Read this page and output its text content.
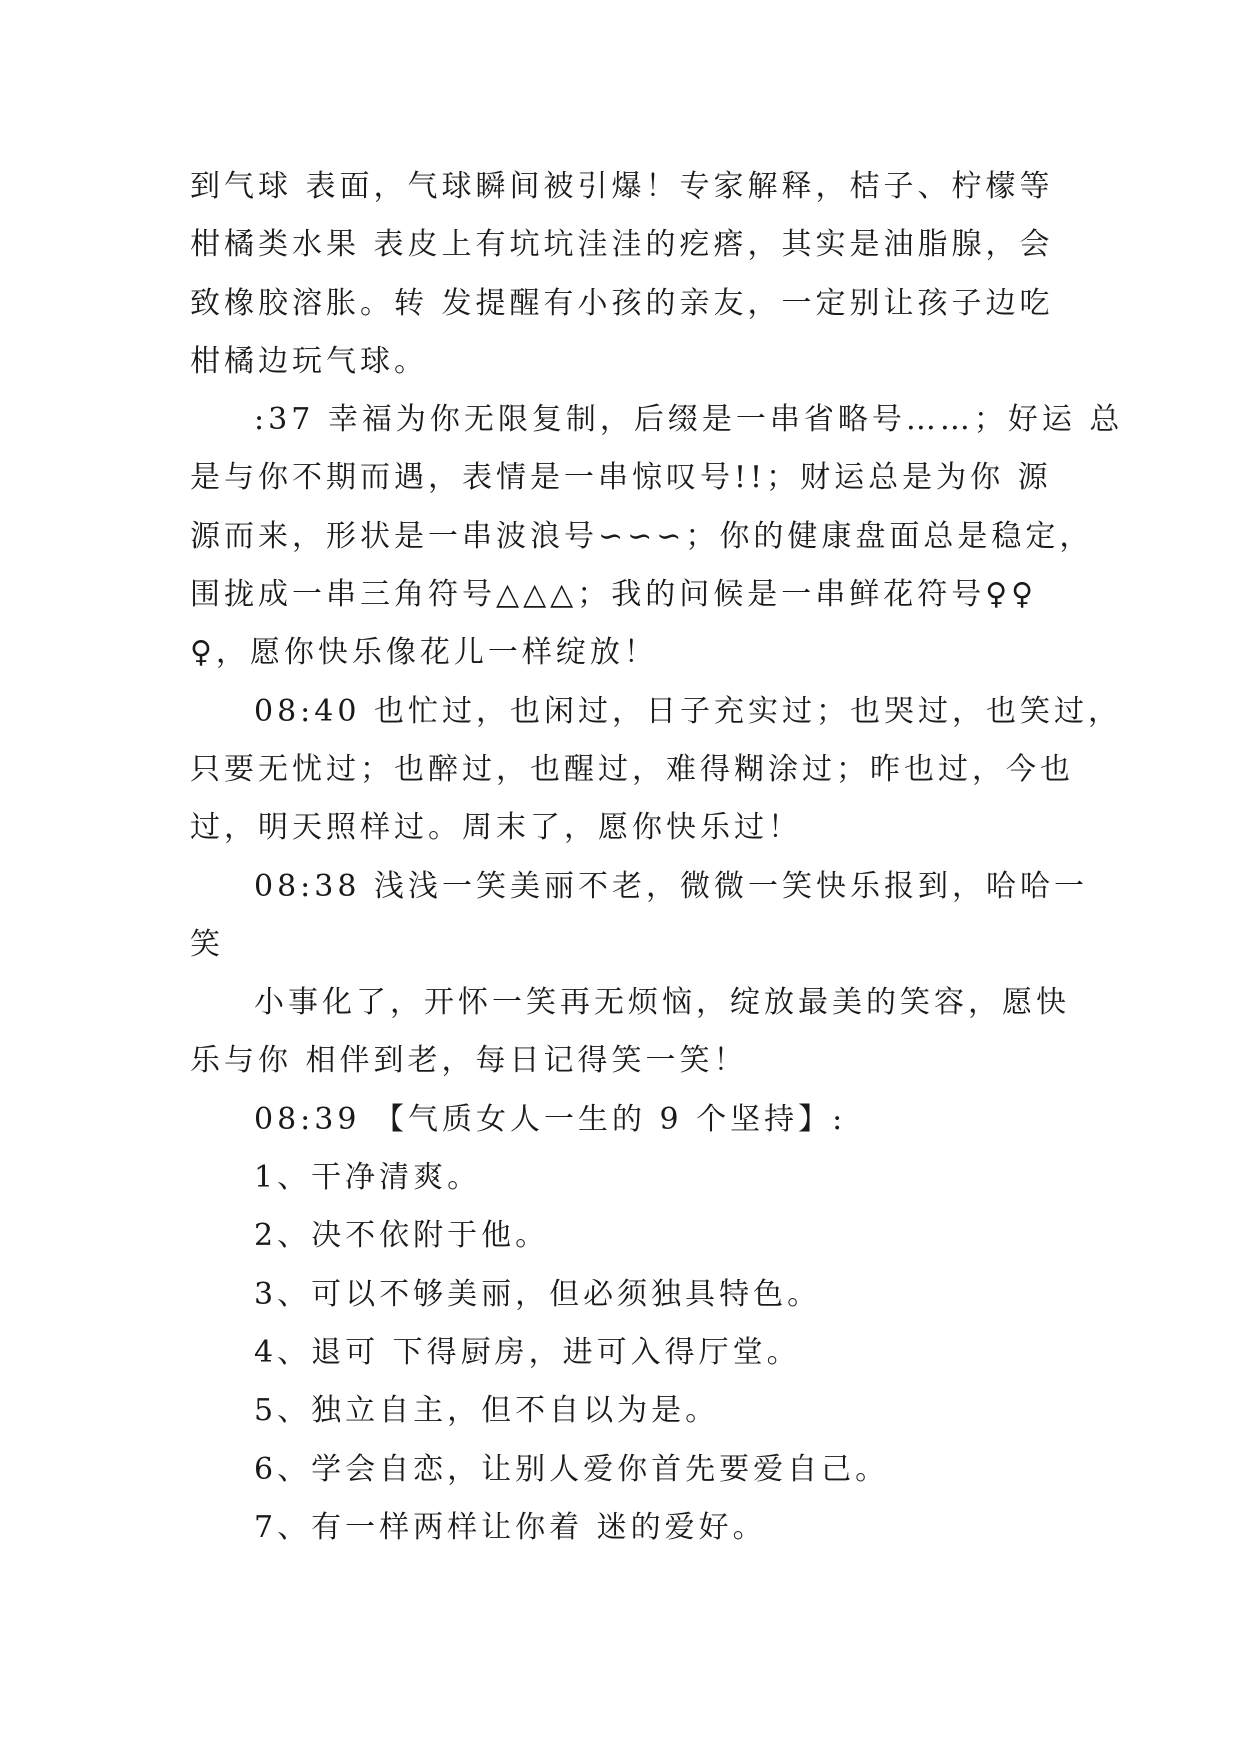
到气球 表面，气球瞬间被引爆！专家解释，桔子、柠檬等
柑橘类水果 表皮上有坑坑洼洼的疙瘩，其实是油脂腺，会
致橡胶溶胀。转 发提醒有小孩的亲友，一定别让孩子边吃
柑橘边玩气球。
:37 幸福为你无限复制，后缀是一串省略号……；好运 总
是与你不期而遇，表情是一串惊叹号!!；财运总是为你 源
源而来，形状是一串波浪号∽∽∽；你的健康盘面总是稳定，
围拢成一串三角符号△△△；我的问候是一串鲜花符号♀♀
♀，愿你快乐像花儿一样绽放！
08:40 也忙过，也闲过，日子充实过；也哭过，也笑过，
只要无忧过；也醉过，也醒过，难得糊涂过；昨也过，今也
过，明天照样过。周末了，愿你快乐过！
08:38 浅浅一笑美丽不老，微微一笑快乐报到，哈哈一
笑
小事化了，开怀一笑再无烦恼，绽放最美的笑容，愿快
乐与你 相伴到老，每日记得笑一笑！
08:39 【气质女人一生的 9 个坚持】:
1、干净清爽。
2、决不依附于他。
3、可以不够美丽，但必须独具特色。
4、退可 下得厨房，进可入得厅堂。
5、独立自主，但不自以为是。
6、学会自恋，让别人爱你首先要爱自己。
7、有一样两样让你着 迷的爱好。
